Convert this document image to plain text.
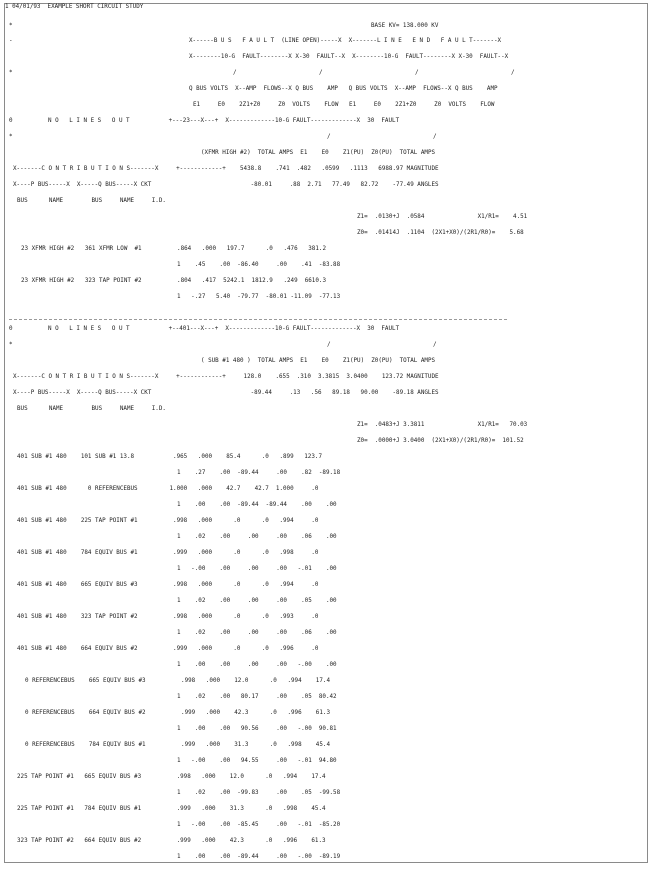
1 04/01/93  EXAMPLE SHORT CIRCUIT STUDY
BASE KV= 138.000 KV
*
-	X------B U S   F A U L T  (LINE OPEN)-----X  X-------L I N E   E N D   F A U L T-------X
X--------10-G  FAULT--------X X-30  FAULT--X  X--------10-G  FAULT--------X X-30  FAULT--X
*	/	/	/	/
Q BUS VOLTS  X--AMP  FLOWS--X Q BUS    AMP   Q BUS VOLTS  X--AMP  FLOWS--X Q BUS    AMP
E1     E0    2Z1+Z0     Z0  VOLTS    FLOW   E1     E0    2Z1+Z0     Z0  VOLTS    FLOW
0          N O   L I N E S   O U T           +---23---X---+  X-------------10-G FAULT-------------X  30  FAULT
*	/	/
(XFMR HIGH #2)  TOTAL AMPS  E1    E0    Z1(PU)  Z0(PU)  TOTAL AMPS
X-------C O N T R I B U T I O N S-------X     +------------+    5438.8    .741  .482   .0599   .1113   6988.97 MAGNITUDE
X----P BUS-----X  X-----Q BUS-----X CKT                            -80.01     .88  2.71   77.49   82.72    -77.49 ANGLES
BUS      NAME        BUS     NAME     I.D.
Z1=  .0130+J  .0584               X1/R1=    4.51
Z0=  .01414J  .1104  (2X1+X0)/(2R1/R0)=    5.68
23 XFMR HIGH #2   361 XFMR LOW  #1          .864   .000   197.7      .0   .476   381.2
1    .45    .00  -86.40     .00    .41  -83.88
23 XFMR HIGH #2   323 TAP POINT #2          .804   .417  5242.1  1812.9   .249  6610.3
1   -.27   5.40  -79.77  -80.01 -11.09  -77.13
0          N O   L I N E S   O U T           +--401---X---+  X-------------10-G FAULT-------------X  30  FAULT
*	/	/
( SUB #1 480 )  TOTAL AMPS  E1    E0    Z1(PU)  Z0(PU)  TOTAL AMPS
X-------C O N T R I B U T I O N S-------X     +------------+     128.0    .655  .310  3.3815  3.0400    123.72 MAGNITUDE
X----P BUS-----X  X-----Q BUS-----X CKT                            -89.44     .13   .56   89.18   90.00    -89.18 ANGLES
BUS      NAME        BUS     NAME     I.D.
Z1=  .0483+J 3.3811               X1/R1=   70.03
Z0=  .0000+J 3.0400  (2X1+X0)/(2R1/R0)=  101.52
401 SUB #1 480    101 SUB #1 13.8           .965   .000    85.4      .0   .899   123.7
1    .27    .00  -89.44     .00    .82  -89.18
401 SUB #1 480      0 REFERENCEBUS         1.000   .000    42.7    42.7  1.000     .0
1    .00    .00  -89.44  -89.44    .00    .00
401 SUB #1 480    225 TAP POINT #1          .998   .000      .0      .0   .994     .0
1    .02    .00     .00     .00    .06    .00
401 SUB #1 480    784 EQUIV BUS #1          .999   .000      .0      .0   .998     .0
1   -.00    .00     .00     .00   -.01    .00
401 SUB #1 480    665 EQUIV BUS #3          .998   .000      .0      .0   .994     .0
1    .02    .00     .00     .00    .05    .00
401 SUB #1 480    323 TAP POINT #2          .998   .000      .0      .0   .993     .0
1    .02    .00     .00     .00    .06    .00
401 SUB #1 480    664 EQUIV BUS #2          .999   .000      .0      .0   .996     .0
1    .00    .00     .00     .00   -.00    .00
0 REFERENCEBUS    665 EQUIV BUS #3          .998   .000    12.0      .0   .994    17.4
1    .02    .00   80.17     .00    .05  80.42
0 REFERENCEBUS    664 EQUIV BUS #2          .999   .000    42.3      .0   .996    61.3
1    .00    .00   90.56     .00   -.00  90.81
0 REFERENCEBUS    784 EQUIV BUS #1          .999   .000    31.3      .0   .998    45.4
1   -.00    .00   94.55     .00   -.01  94.80
225 TAP POINT #1   665 EQUIV BUS #3          .998   .000    12.0      .0   .994    17.4
1    .02    .00  -99.83     .00    .05  -99.58
225 TAP POINT #1   784 EQUIV BUS #1          .999   .000    31.3      .0   .998    45.4
1   -.00    .00  -85.45     .00   -.01  -85.20
323 TAP POINT #2   664 EQUIV BUS #2          .999   .000    42.3      .0   .996    61.3
1    .00    .00  -89.44     .00   -.00  -89.19
